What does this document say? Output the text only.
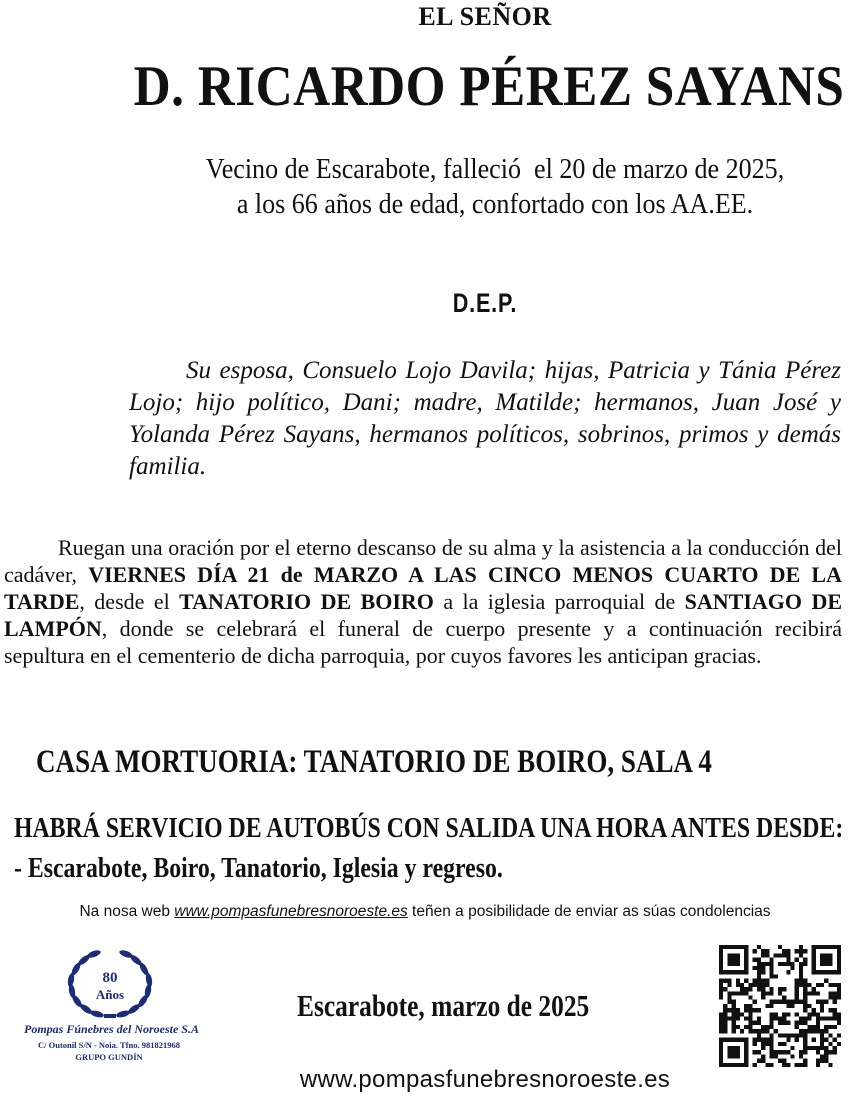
EL SEÑOR
D. RICARDO PÉREZ SAYANS
Vecino de Escarabote, falleció  el 20 de marzo de 2025,
a los 66 años de edad, confortado con los AA.EE.
D.E.P.
Su esposa, Consuelo Lojo Davila; hijas, Patricia y Tánia Pérez Lojo; hijo político, Dani; madre, Matilde; hermanos, Juan José y Yolanda Pérez Sayans, hermanos políticos, sobrinos, primos y demás familia.
Ruegan una oración por el eterno descanso de su alma y la asistencia a la conducción del cadáver, VIERNES DÍA 21 de MARZO A LAS CINCO MENOS CUARTO DE LA TARDE, desde el TANATORIO DE BOIRO a la iglesia parroquial de SANTIAGO DE LAMPÓN, donde se celebrará el funeral de cuerpo presente y a continuación recibirá sepultura en el cementerio de dicha parroquia, por cuyos favores les anticipan gracias.
CASA MORTUORIA: TANATORIO DE BOIRO, SALA 4
HABRÁ SERVICIO DE AUTOBÚS CON SALIDA UNA HORA ANTES DESDE:
- Escarabote, Boiro, Tanatorio, Iglesia y regreso.
Na nosa web www.pompasfunebresnoroeste.es teñen a posibilidade de enviar as súas condolencias
80
Años
Pompas Fúnebres del Noroeste S.A
C/ Outonil S/N - Noia. Tfno. 981821968
GRUPO GUNDÍN
Escarabote, marzo de 2025
www.pompasfunebresnoroeste.es
